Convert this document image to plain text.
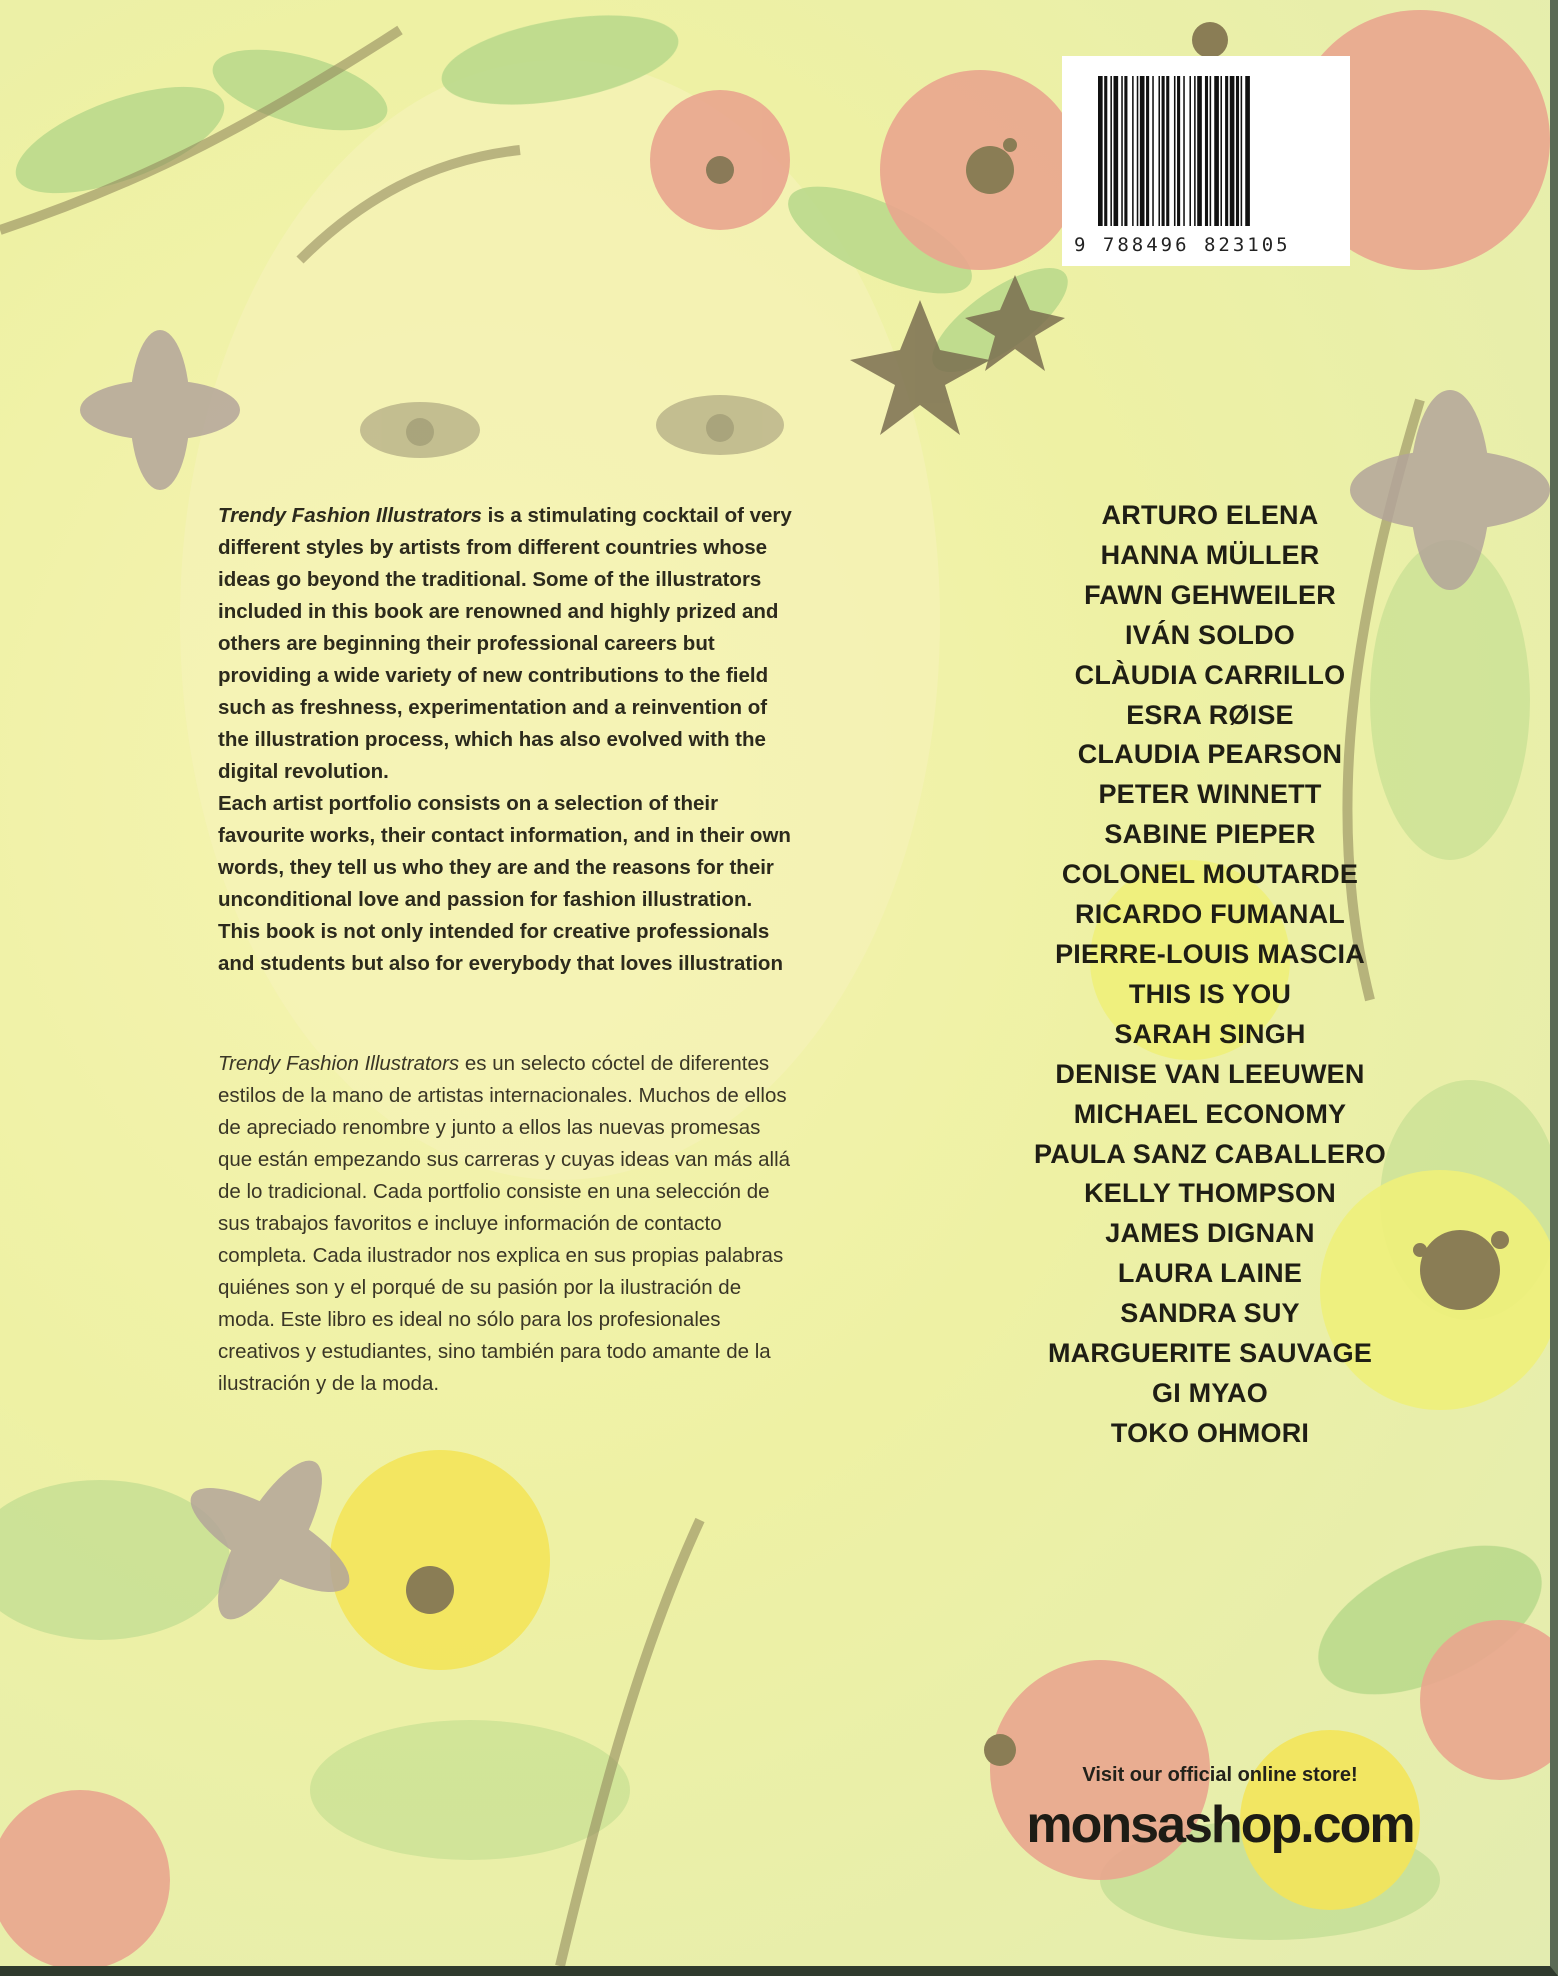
9 788496 823105

Trendy Fashion Illustrators is a stimulating cocktail of very different styles by artists from different countries whose ideas go beyond the traditional. Some of the illustrators included in this book are renowned and highly prized and others are beginning their professional careers but providing a wide variety of new contributions to the field such as freshness, experimentation and a reinvention of the illustration process, which has also evolved with the digital revolution.

Each artist portfolio consists on a selection of their favourite works, their contact information, and in their own words, they tell us who they are and the reasons for their unconditional love and passion for fashion illustration. This book is not only intended for creative professionals and students but also for everybody that loves illustration

Trendy Fashion Illustrators es un selecto cóctel de diferentes estilos de la mano de artistas internacionales. Muchos de ellos de apreciado renombre y junto a ellos las nuevas promesas que están empezando sus carreras y cuyas ideas van más allá de lo tradicional. Cada portfolio consiste en una selección de sus trabajos favoritos e incluye información de contacto completa. Cada ilustrador nos explica en sus propias palabras quiénes son y el porqué de su pasión por la ilustración de moda. Este libro es ideal no sólo para los profesionales creativos y estudiantes, sino también para todo amante de la ilustración y de la moda.

ARTURO ELENA
HANNA MÜLLER
FAWN GEHWEILER
IVÁN SOLDO
CLÀUDIA CARRILLO
ESRA RØISE
CLAUDIA PEARSON
PETER WINNETT
SABINE PIEPER
COLONEL MOUTARDE
RICARDO FUMANAL
PIERRE-LOUIS MASCIA
THIS IS YOU
SARAH SINGH
DENISE VAN LEEUWEN
MICHAEL ECONOMY
PAULA SANZ CABALLERO
KELLY THOMPSON
JAMES DIGNAN
LAURA LAINE
SANDRA SUY
MARGUERITE SAUVAGE
GI MYAO
TOKO OHMORI
Visit our official online store!
monsashop.com
